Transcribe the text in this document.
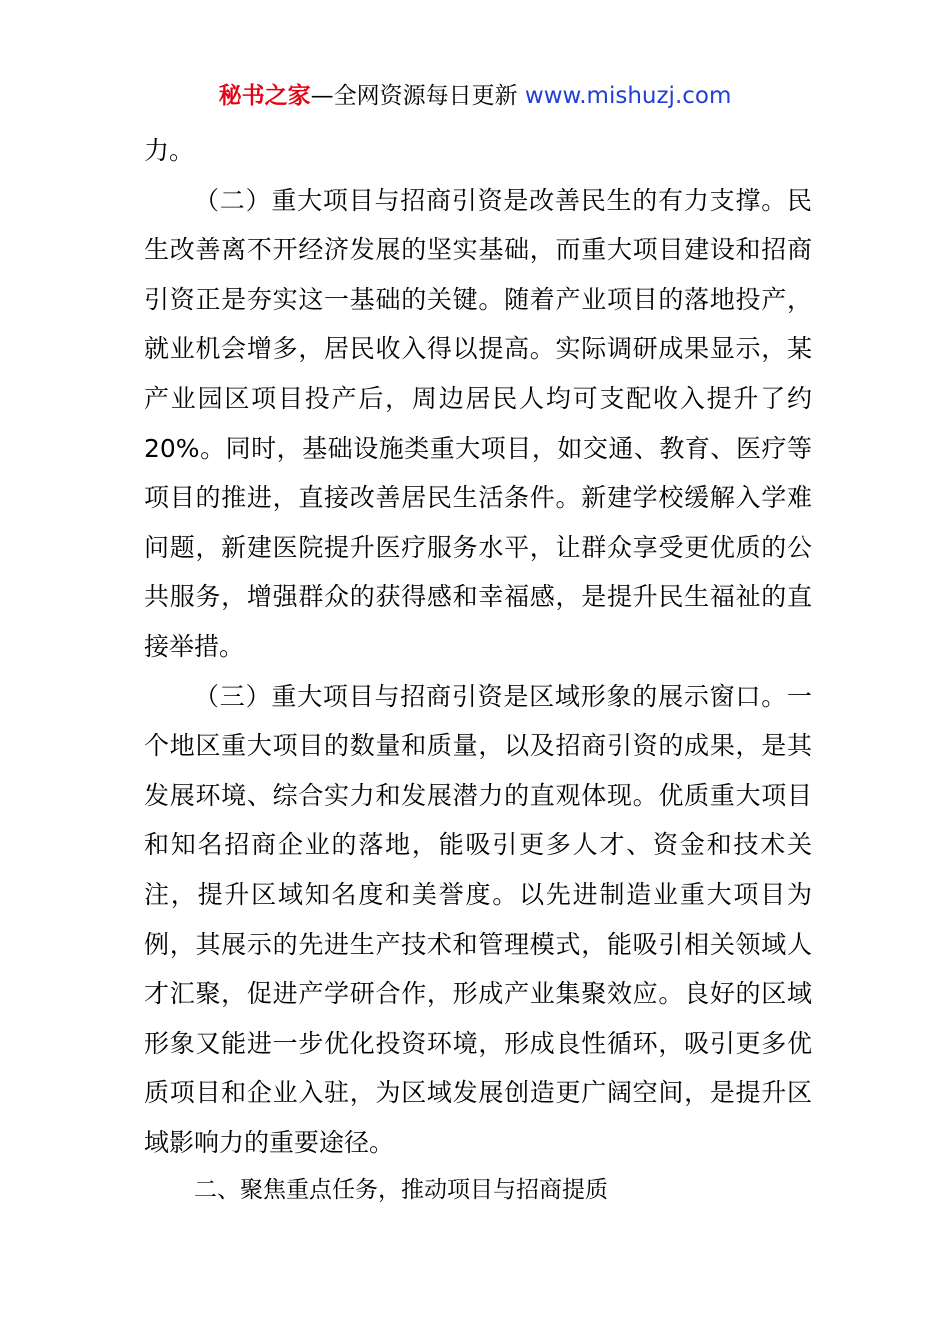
秘书之家—全网资源每日更新 www.mishuzj.com

力。

（二）重大项目与招商引资是改善民生的有力支撑。民生改善离不开经济发展的坚实基础，而重大项目建设和招商引资正是夯实这一基础的关键。随着产业项目的落地投产，就业机会增多，居民收入得以提高。实际调研成果显示，某产业园区项目投产后，周边居民人均可支配收入提升了约 20%。同时，基础设施类重大项目，如交通、教育、医疗等项目的推进，直接改善居民生活条件。新建学校缓解入学难问题，新建医院提升医疗服务水平，让群众享受更优质的公共服务，增强群众的获得感和幸福感，是提升民生福祉的直接举措。

（三）重大项目与招商引资是区域形象的展示窗口。一个地区重大项目的数量和质量，以及招商引资的成果，是其发展环境、综合实力和发展潜力的直观体现。优质重大项目和知名招商企业的落地，能吸引更多人才、资金和技术关注，提升区域知名度和美誉度。以先进制造业重大项目为例，其展示的先进生产技术和管理模式，能吸引相关领域人才汇聚，促进产学研合作，形成产业集聚效应。良好的区域形象又能进一步优化投资环境，形成良性循环，吸引更多优质项目和企业入驻，为区域发展创造更广阔空间，是提升区域影响力的重要途径。

二、聚焦重点任务，推动项目与招商提质
